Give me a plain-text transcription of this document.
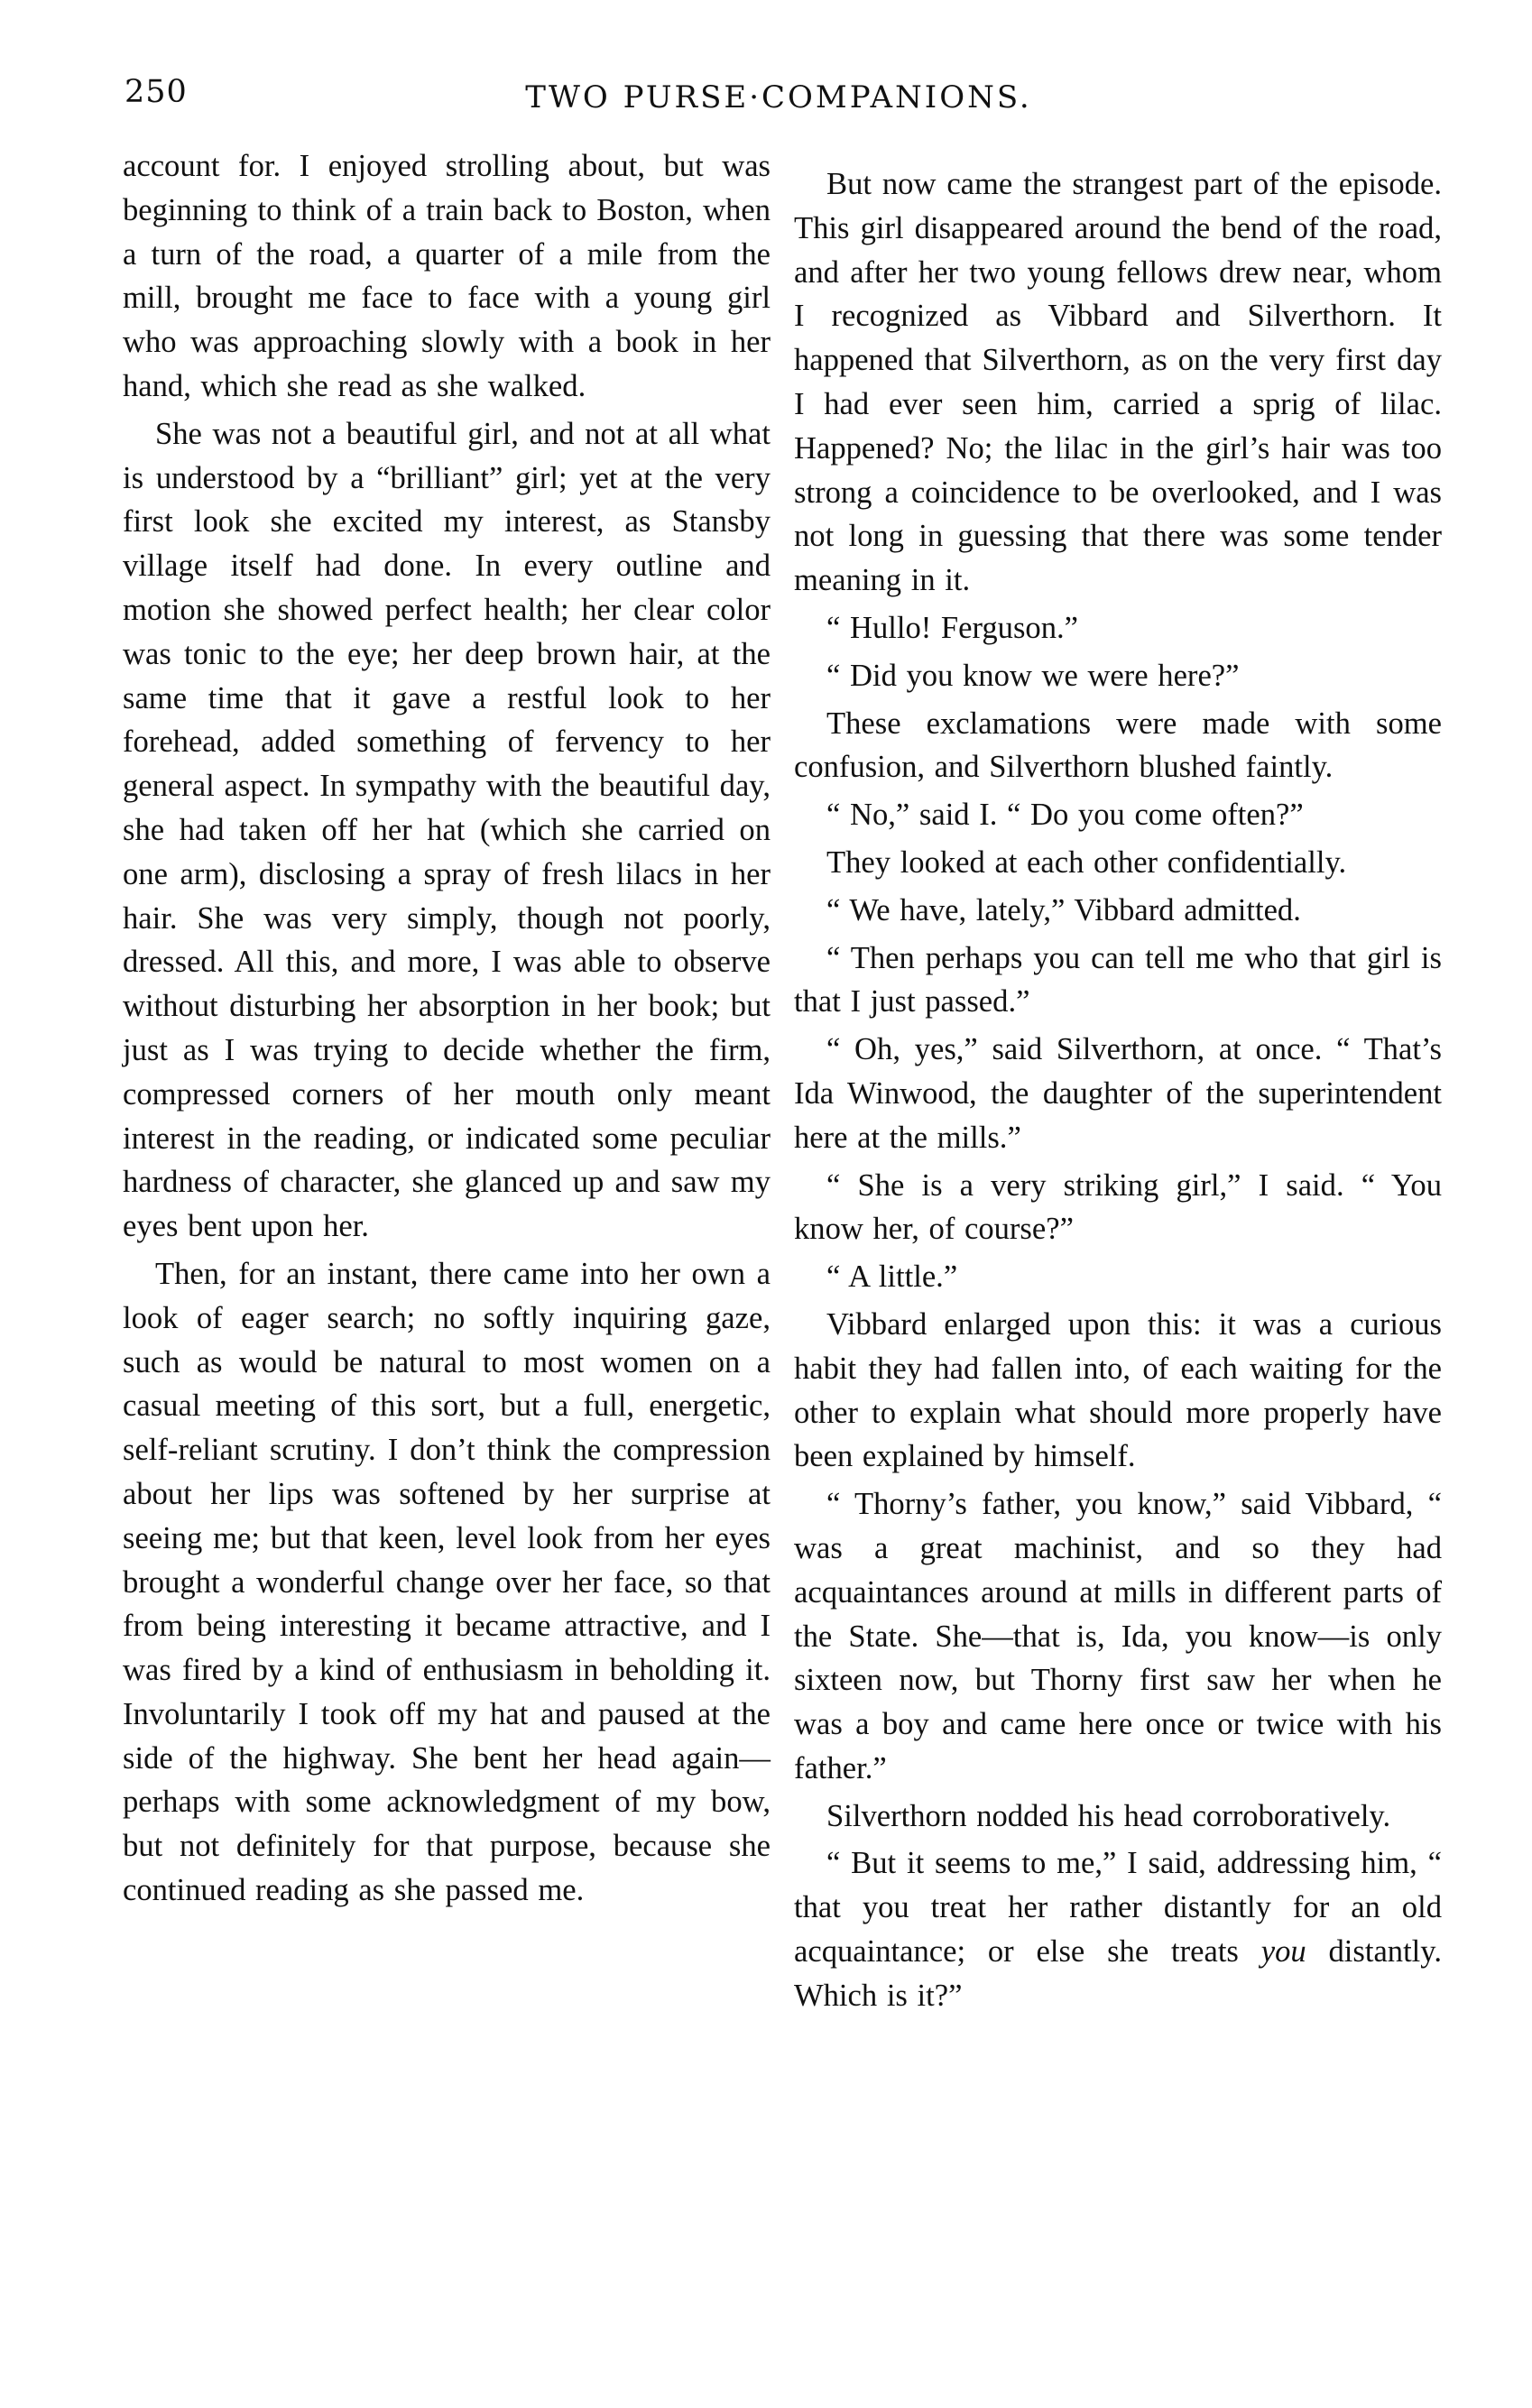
250	TWO PURSE·COMPANIONS.

account for. I enjoyed strolling about, but was beginning to think of a train back to Boston, when a turn of the road, a quarter of a mile from the mill, brought me face to face with a young girl who was approaching slowly with a book in her hand, which she read as she walked.

She was not a beautiful girl, and not at all what is understood by a “brilliant” girl; yet at the very first look she excited my interest, as Stansby village itself had done. In every outline and motion she showed perfect health; her clear color was tonic to the eye; her deep brown hair, at the same time that it gave a restful look to her forehead, added something of fervency to her general aspect. In sympathy with the beautiful day, she had taken off her hat (which she carried on one arm), disclosing a spray of fresh lilacs in her hair. She was very simply, though not poorly, dressed. All this, and more, I was able to observe without disturbing her absorption in her book; but just as I was trying to decide whether the firm, compressed corners of her mouth only meant interest in the reading, or indicated some peculiar hardness of character, she glanced up and saw my eyes bent upon her.

Then, for an instant, there came into her own a look of eager search; no softly inquiring gaze, such as would be natural to most women on a casual meeting of this sort, but a full, energetic, self-reliant scrutiny. I don’t think the compression about her lips was softened by her surprise at seeing me; but that keen, level look from her eyes brought a wonderful change over her face, so that from being interesting it became attractive, and I was fired by a kind of enthusiasm in beholding it. Involuntarily I took off my hat and paused at the side of the highway. She bent her head again—perhaps with some acknowledgment of my bow, but not definitely for that purpose, because she continued reading as she passed me.

But now came the strangest part of the episode. This girl disappeared around the bend of the road, and after her two young fellows drew near, whom I recognized as Vibbard and Silverthorn. It happened that Silverthorn, as on the very first day I had ever seen him, carried a sprig of lilac. Happened? No; the lilac in the girl’s hair was too strong a coincidence to be overlooked, and I was not long in guessing that there was some tender meaning in it.

“ Hullo! Ferguson.”

“ Did you know we were here?”

These exclamations were made with some confusion, and Silverthorn blushed faintly.

“ No,” said I. “ Do you come often?”

They looked at each other confidentially.

“ We have, lately,” Vibbard admitted.

“ Then perhaps you can tell me who that girl is that I just passed.”

“ Oh, yes,” said Silverthorn, at once. “ That’s Ida Winwood, the daughter of the superintendent here at the mills.”

“ She is a very striking girl,” I said. “ You know her, of course?”

“ A little.”

Vibbard enlarged upon this: it was a curious habit they had fallen into, of each waiting for the other to explain what should more properly have been explained by himself.

“ Thorny’s father, you know,” said Vibbard, “ was a great machinist, and so they had acquaintances around at mills in different parts of the State. She—that is, Ida, you know—is only sixteen now, but Thorny first saw her when he was a boy and came here once or twice with his father.”

Silverthorn nodded his head corroboratively.

“ But it seems to me,” I said, addressing him, “ that you treat her rather distantly for an old acquaintance; or else she treats you distantly. Which is it?”
